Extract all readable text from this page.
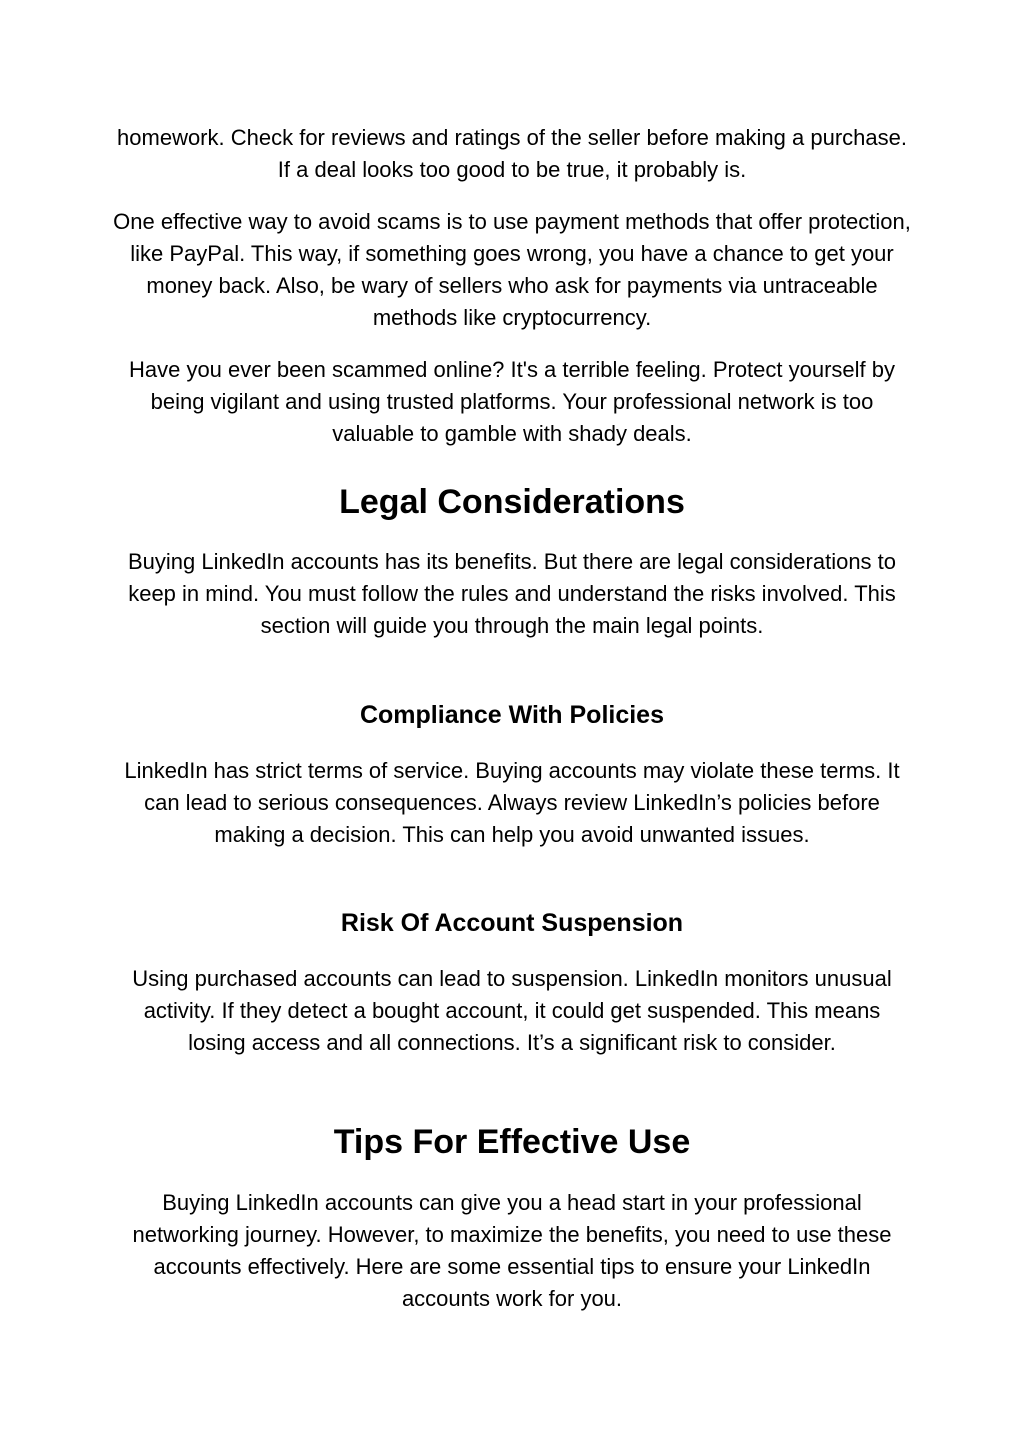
homework. Check for reviews and ratings of the seller before making a purchase. If a deal looks too good to be true, it probably is.

One effective way to avoid scams is to use payment methods that offer protection, like PayPal. This way, if something goes wrong, you have a chance to get your money back. Also, be wary of sellers who ask for payments via untraceable methods like cryptocurrency.

Have you ever been scammed online? It's a terrible feeling. Protect yourself by being vigilant and using trusted platforms. Your professional network is too valuable to gamble with shady deals.

Legal Considerations

Buying LinkedIn accounts has its benefits. But there are legal considerations to keep in mind. You must follow the rules and understand the risks involved. This section will guide you through the main legal points.

Compliance With Policies

LinkedIn has strict terms of service. Buying accounts may violate these terms. It can lead to serious consequences. Always review LinkedIn’s policies before making a decision. This can help you avoid unwanted issues.

Risk Of Account Suspension

Using purchased accounts can lead to suspension. LinkedIn monitors unusual activity. If they detect a bought account, it could get suspended. This means losing access and all connections. It’s a significant risk to consider.

Tips For Effective Use

Buying LinkedIn accounts can give you a head start in your professional networking journey. However, to maximize the benefits, you need to use these accounts effectively. Here are some essential tips to ensure your LinkedIn accounts work for you.
